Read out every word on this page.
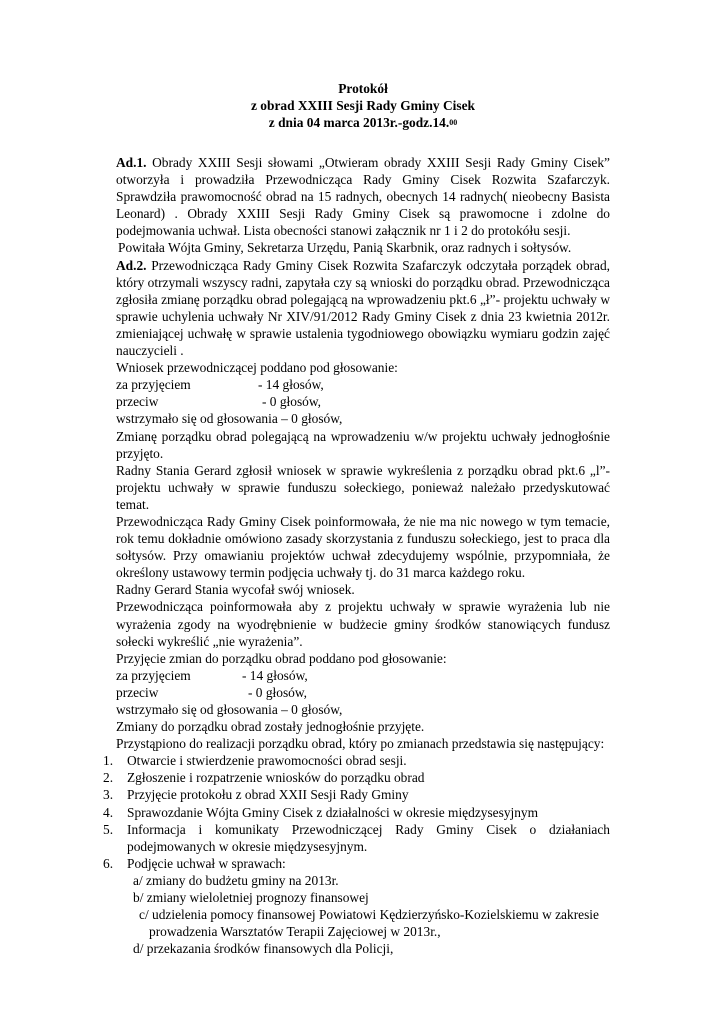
Protokół
z obrad XXIII Sesji Rady Gminy Cisek
z dnia 04 marca 2013r.-godz.14.00

Ad.1. Obrady XXIII Sesji słowami „Otwieram obrady XXIII Sesji Rady Gminy Cisek” otworzyła i prowadziła Przewodnicząca Rady Gminy Cisek Rozwita Szafarczyk. Sprawdziła prawomocność obrad na 15 radnych, obecnych 14 radnych( nieobecny Basista Leonard) . Obrady XXIII Sesji Rady Gminy Cisek są prawomocne i zdolne do podejmowania uchwał. Lista obecności stanowi załącznik nr 1 i 2 do protokółu sesji.

Powitała Wójta Gminy, Sekretarza Urzędu, Panią Skarbnik, oraz radnych i sołtysów.

Ad.2. Przewodnicząca Rady Gminy Cisek Rozwita Szafarczyk odczytała porządek obrad, który otrzymali wszyscy radni, zapytała czy są wnioski do porządku obrad. Przewodnicząca zgłosiła zmianę porządku obrad polegającą na wprowadzeniu pkt.6 „ł”- projektu uchwały w sprawie uchylenia uchwały Nr XIV/91/2012 Rady Gminy Cisek z dnia 23 kwietnia 2012r. zmieniającej uchwałę w sprawie ustalenia tygodniowego obowiązku wymiaru godzin zajęć nauczycieli .

Wniosek przewodniczącej poddano pod głosowanie:

za przyjęciem	- 14 głosów,
przeciw	- 0 głosów,

wstrzymało się od głosowania – 0 głosów,

Zmianę porządku obrad polegającą na wprowadzeniu w/w projektu uchwały jednogłośnie przyjęto.

Radny Stania Gerard zgłosił wniosek w sprawie wykreślenia z porządku obrad pkt.6 „l”- projektu uchwały w sprawie funduszu sołeckiego, ponieważ należało przedyskutować temat.

Przewodnicząca Rady Gminy Cisek poinformowała, że nie ma nic nowego w tym temacie, rok temu dokładnie omówiono zasady skorzystania z funduszu sołeckiego, jest to praca dla sołtysów. Przy omawianiu projektów uchwał zdecydujemy wspólnie, przypomniała, że określony ustawowy termin podjęcia uchwały tj. do 31 marca każdego roku.

Radny Gerard Stania wycofał swój wniosek.

Przewodnicząca poinformowała aby z projektu uchwały w sprawie wyrażenia lub nie wyrażenia zgody na wyodrębnienie w budżecie gminy środków stanowiących fundusz sołecki wykreślić „nie wyrażenia”.

Przyjęcie zmian do porządku obrad poddano pod głosowanie:

za przyjęciem	- 14 głosów,
przeciw	- 0 głosów,

wstrzymało się od głosowania – 0 głosów,

Zmiany do porządku obrad zostały jednogłośnie przyjęte.

Przystąpiono do realizacji porządku obrad, który po zmianach przedstawia się następujący:

1. Otwarcie i stwierdzenie prawomocności obrad sesji.
2. Zgłoszenie i rozpatrzenie wniosków do porządku obrad
3. Przyjęcie protokołu z obrad XXII Sesji Rady Gminy
4. Sprawozdanie Wójta Gminy Cisek z działalności w okresie międzysesyjnym
5. Informacja i komunikaty Przewodniczącej Rady Gminy Cisek o działaniach podejmowanych w okresie międzysesyjnym.
6. Podjęcie uchwał w sprawach:
a/ zmiany do budżetu gminy na 2013r.
b/ zmiany wieloletniej prognozy finansowej
c/ udzielenia pomocy finansowej Powiatowi Kędzierzyńsko-Kozielskiemu w zakresie
prowadzenia Warsztatów Terapii Zajęciowej w 2013r.,
d/ przekazania środków finansowych dla Policji,
